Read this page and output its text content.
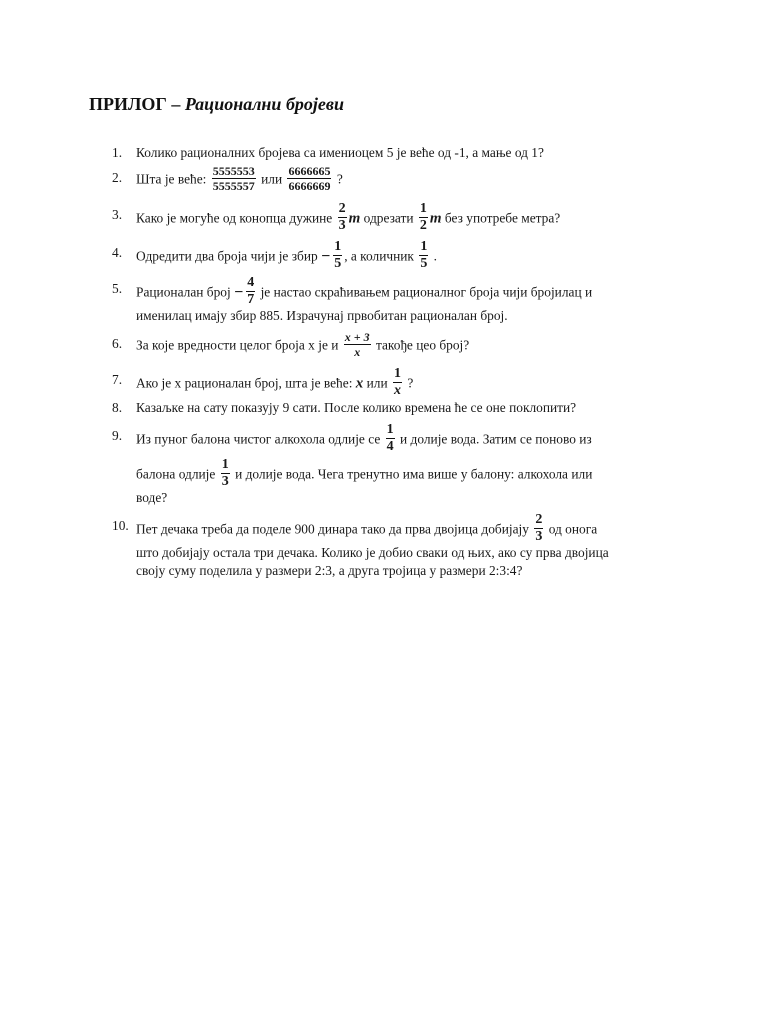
ПРИЛОГ – Рационални бројеви
1.	Колико рационалних бројева са имениоцем 5 је веће од -1, а мање од 1?
2.	Шта је веће: $\frac{5555553}{5555557}$ или $\frac{6666665}{6666669}$ ?
3.	Како је могуће од конопца дужине $\frac{2}{3}$ m одрезати $\frac{1}{2}$ m без употребе метра?
4.	Одредити два броја чији је збир − $\frac{1}{5}$ , а количник $\frac{1}{5}$ .
5.	Рационалан број − $\frac{4}{7}$ је настао скраћивањем рационалног броја чији бројилац и
именилац имају збир 885. Израчунај првобитан рационалан број.
6.	За које вредности целог броја x је и $\frac{x + 3}{x}$ такође цео број?
7.	Ако је x рационалан број, шта је веће: x или $\frac{1}{x}$ ?
8.	Казаљке на сату показују 9 сати. После колико времена ће се оне поклопити?
9.	Из пуног балона чистог алкохола одлије се $\frac{1}{4}$ и долије вода. Затим се поново из
балона одлије $\frac{1}{3}$ и долије вода. Чега тренутно има више у балону: алкохола или
воде?
10. Пет дечака треба да поделе 900 динара тако да прва двојица добијају $\frac{2}{3}$ од онога
што добијају остала три дечака. Колико је добио сваки од њих, ако су прва двојица
своју суму поделила у размери 2:3, а друга тројица у размери 2:3:4?
